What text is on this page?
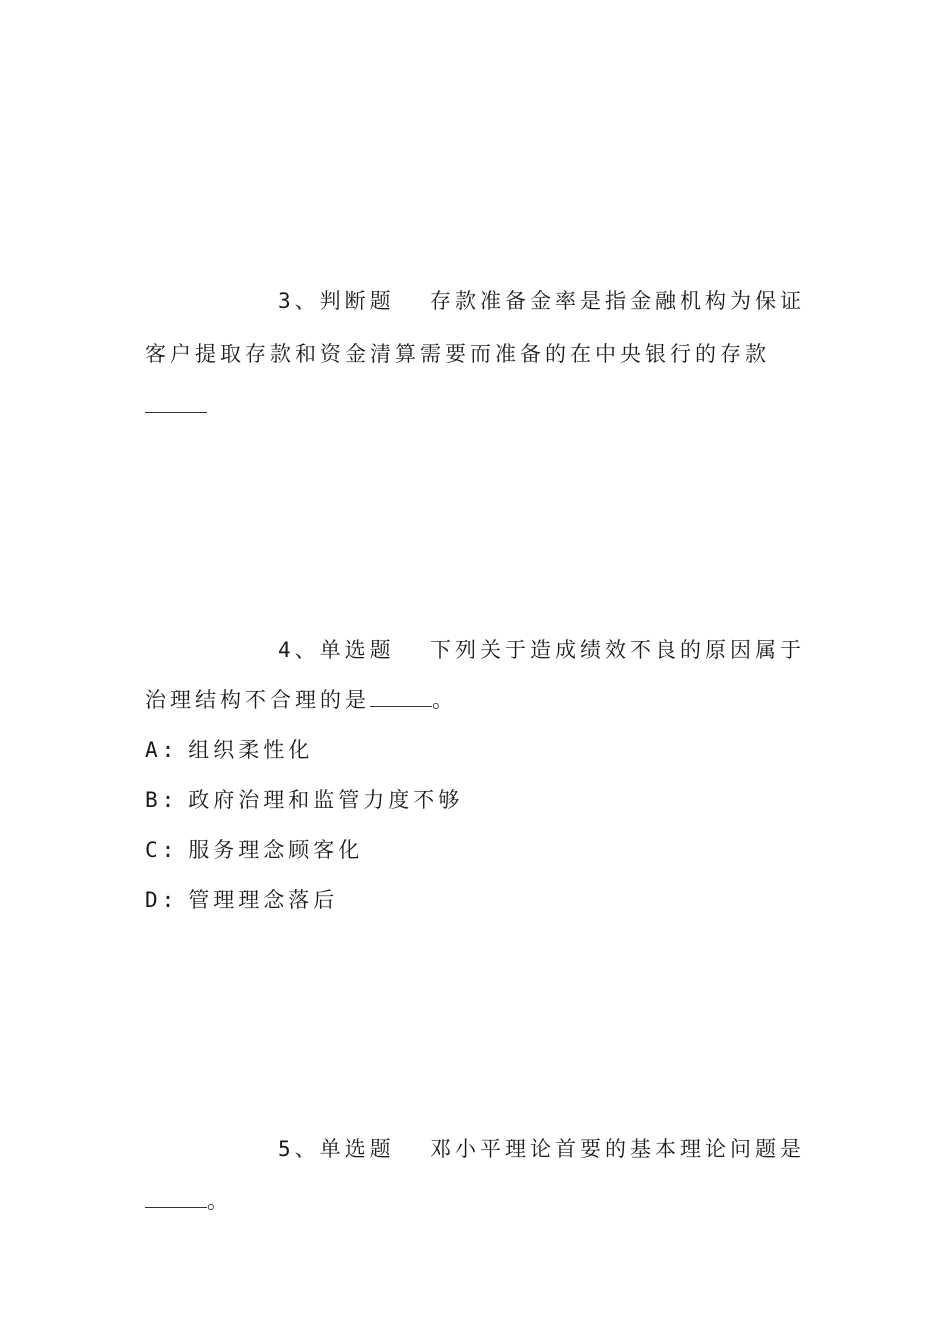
3、判断题 存款准备金率是指金融机构为保证
客户提取存款和资金清算需要而准备的在中央银行的存款
4、单选题 下列关于造成绩效不良的原因属于
治理结构不合理的是	。
A: 组织柔性化
B: 政府治理和监管力度不够
C: 服务理念顾客化
D: 管理理念落后
5、单选题 邓小平理论首要的基本理论问题是
。
